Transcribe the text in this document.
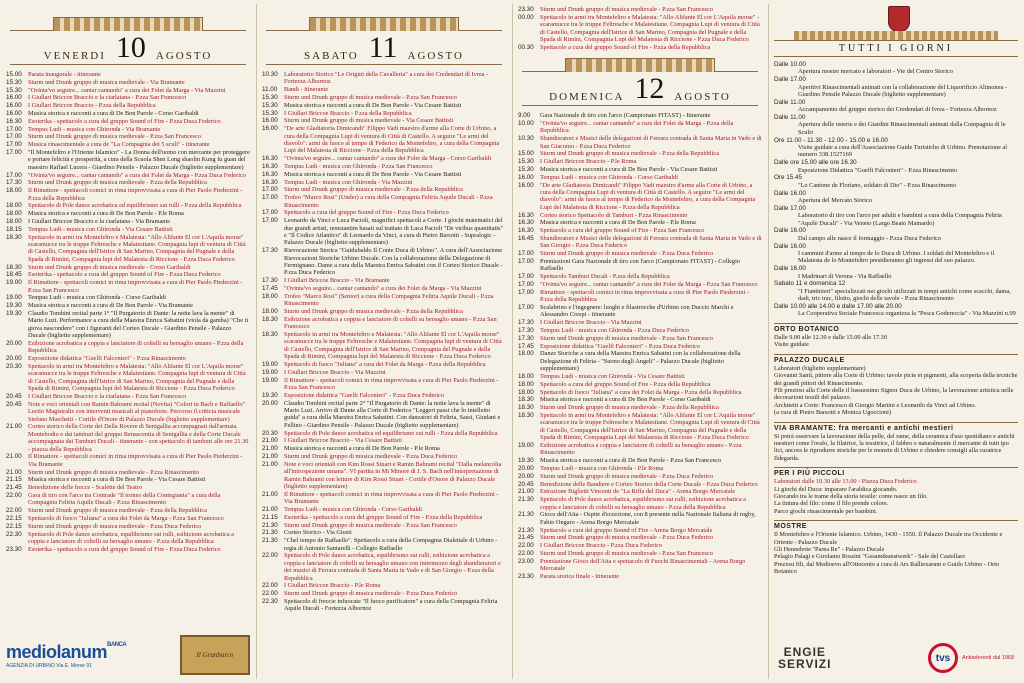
VENERDI 10 AGOSTO
15.00 Parata inaugurale - itinerante
15.30 Sturm und Drunk gruppo di musica medievale - Via Bramante
15.30 "Ovinta'vo seguire... cantar cantando" a cura dei Folet da Marga - Via Mazzini
16.00 I Giullari Briccoe Braccio e la ciarlatana - P.zza San Francesco
16.00 I Giullari Briccoe Braccio - P.zza della Repubblica
16.00 Musica storica e racconti a cura di De Bon Parole - Corso Garibaldi
16.30 Esoterika - spettacolo a cura del gruppo Sound of Fire - P.zza Duca Federico
17.00 Tempus Ludi - musica con Ghironda - Via Bramante
17.00 Sturm und Drunk gruppo di musica medievale - P.zza San Francesco
17.00 Musica rinascimentale a cura de "La Compagnia dei 5 sculi" - itinerante
17.00 "Il Montefeltro e l'Oriente Islamico" - La Donna dell'uomo con mercante per proteggere e portare felicità e prosperità, a cura della Scuola Shen Long shaolin Kung fu guan del maestro Raffael Lucera - Giardino Pensile - Palazzo Ducale (biglietto supplementare)
17.00 "Ovinta'vo seguire... cantar cantando" a cura dei Folet da Marga - P.zza Duca Federico
17.30 Sturm und Drunk gruppo di musica medievale - P.zza della Repubblica
18.00 Il Rimattore - spettacoli comici in rima improvvisata a cura di Pier Paolo Piederzini - P.zza della Repubblica
18.00 Spettacolo di Pole dance acrobatica ed equilibrismo sui rulli - P.zza della Repubblica
18.00 Musica storica e racconti a cura di De Bon Parole - P.le Roma
18.00 I Giullari Briccoe Braccio e la ciarlatana - Via Bramante
18.15 Tempus Ludi - musica con Ghironda - Via Cesare Battisti
18.30 Spettacolo in armi tra Montefeltro e Malatesta: "Allo Alifante El cor L'Aquila morse" scaramucce tra le truppe Feltresche e Malatestiane. Compagnia lupi di ventura di Città di Castello, Compagnia dell'Istrice di San Marino, Compagnia del Pugnale e della Spada di Rimini, Compagnia lupi del Malatesta di Riccione - P.zza Duca Federico
18.30 Sturm und Drunk gruppo di musica medievale - Corso Garibaldi
18.45 Esoterika - spettacolo a cura del gruppo Sound of Fire - P.zza Duca Federico
19.00 Il Rimattore - spettacoli comici in rima improvvisata a cura di Pier Paolo Piederzini - P.zza San Francesco
19.00 Tempus Ludi - musica con Ghironda - Corso Garibaldi
19.30 Musica storica e racconti a cura di De Bon Parole - Via Bramante
19.30 Claudio Tombini recital parte 1° "Il Purgatorio di Dante: la notte lava la mente" di Mario Luzi. Performance a cura della Maestra Enrica Sabatini (viola da gamba) "Che ti giova nascondere" con i figuranti del Corteo Ducale - Giardino Pensile - Palazzo Ducale (biglietto supplementare)
20.00 Esibizione acrobatica a coppia e lanciatore di coltelli su bersaglio umano - P.zza della Repubblica
20.00 Esposizione didattica "Guelfi Falconieri" - P.zza Rinascimento
20.30 Spettacolo in armi tra Montefeltro e Malatesta: "Allo Alifante El cor L'Aquila morse" scaramucce tra le truppe Feltresche e Malatestiane. Compagnia lupi di ventura di Città di Castello, Compagnia dell'Istrice di San Marino, Compagnia del Pugnale e della Spada di Rimini, Compagnia lupi del Malatesta di Riccione - P.zza Duca Federico
20.45 I Giullari Briccoe Braccio e la ciarlatana - P.zza San Francesco
20.45 Note e voci orientali con Ramin Bahrami recital (Novita) "Colori in Bach e Raffaello" Lectio Magistralis con interventi musicali al pianoforte. Percorso il criticia musicale Stefano Marchetti - Cortile d'Onore di Palazzo Ducale (biglietto supplementare)
21.00 Corteo storico della Corte dei Della Rovere di Senigallia accompagnati dall'armata Montebodio e dai tamburi del gruppo Renascentia di Senigallia e della Corte Ducale accompagnata dai Tamburi Ducali - itinerante - con spettacolo di tamburi alle ore 21.30 - piazza della Repubblica
21.00 Il Rimattore - spettacoli comici in rima improvvisata a cura di Pier Paolo Piederzini - Via Bramante
21.00 Sturm und Drunk gruppo di musica medievale - P.zza Rinascimento
21.15 Musica storica e racconti a cura di De Bon Parole - Via Cesare Battisti
21.45 Benedizione delle frecce - Scalette del Teatro
22.00 Gara di tiro con l'arco tra Contrade "Il torneo della Contegiania" a cura della Compagnia Feltria Aquile Ducali - P.zza Rinascimento
22.00 Sturm und Drunk gruppo di musica medievale - P.zza della Repubblica
22.15 Spettacolo di fuoco "Juliana" a cura dei Folet da Marga - P.zza San Francesco
22.15 Sturm und Drunk gruppo di musica medievale - P.zza Duca Federico
22.30 Spettacolo di Pole dance acrobatica, equilibrismo sui rulli, esibizione acrobatica a coppia e lanciatore di coltelli su bersaglio umano - P.zza della Repubblica
23.30 Esoterika - spettacolo a cura del gruppo Sound of Fire - P.zza Duca Federico
mediolanum$^{BANCA}$
AGENZIA DI URBINO Via E. Merse 91
Il Granbarco
SABATO 11 AGOSTO
10.30 Laboratorio Storico "Le Origini della Cavalleria" a cura dei Credendari di Ivrea - Fortezza Albornoz
11.00	Bandi - itinerante
15.30 Sturm und Drunk gruppo di musica medievale - P.zza San Francesco
15.30 Musica storica e racconti a cura di De Bon Parole - Via Cesare Battisti
15.30 I Giullari Briccoe Braccio - P.zza della Repubblica
16.00 Sturm und Drunk gruppo di musica medievale - Via Cesare Battisti
16.00 "De arte Gladiatoria Dimicandi" Filippo Vadi maestro d'arme alla Corte di Urbino, a cura della Compagnia Lupi di ventura di Città di Castello. A seguire "Le armi del diavolo": armi da fuoco al tempo di Federico da Montefeltro, a cura della Compagnia Lupi del Malatesta di Riccione - P.zza della Repubblica
16.30 "Ovinta'vo seguire... cantar cantando" a cura dei Folet da Marga - Corso Garibaldi
16.30 Tempus Ludi - musica con Ghironda - P.zza San Francesco
16.30 Musica storica e racconti a cura di De Bon Parole - Via Cesare Battisti
16.30 Tempus Ludi - musica con Ghironda - Via Mazzini
17.00 Sturm und Drunk gruppo di musica medievale - P.zza della Repubblica
17.00 Trofeo "Marco Rosi" (Under) a cura della Compagnia Feltria Aquile Ducali - P.zza Rinascimento
17.00 Spettacolo a cura del gruppo Sound of Fire - P.zza Duca Federico
17.00 Leonardo da Vinci e Luca Pacioli, magnifici spettacoli a Corte. I giochi matematici del due grandi artisti, nonstantim basati sul trattato di Luca Pacioli "De viribus quantitatis" e "Il Codice Atlantico" di Leonardo da Vinci, a cura di Pietro Barsotti - Supralogic - Palazzo Ducale (biglietto supplementare)
17.30 Rievocazione Storica "Guidubaldo Il Conte Duca di Urbino". A cura dell'Associazione Rievocazioni Storiche Urbino Ducale. Con la collaborazione della Delegazione di Fermignano. Dame a cura della Maestra Enrica Sabatini con il Corteo Storico Ducale - P.zza Duca Federico
17.30 I Giullari Briccoe Braccio - Via Bramante
17.45 "Ovinta'vo seguire... cantar cantando" a cura dei Folet da Marga - Via Mazzini
18.00 Trofeo "Marco Rosi" (Senior) a cura della Compagnia Feltria Aquile Ducali - P.zza Rinascimento
18.00 Sturm und Drunk gruppo di musica medievale - P.zza della Repubblica
18.30 Esibizione acrobatica a coppia e lanciatore di coltelli su bersaglio umano - P.zza San Francesco
18.30 Spettacolo in armi tra Montefeltro e Malatesta: "Allo Alifante El cor L'Aquila morse" scaramucce tra le truppe Feltresche e Malatestiane. Compagnia lupi di ventura di Città di Castello, Compagnia dell'Istrice di San Marino, Compagnia del Pugnale e della Spada di Rimini, Compagnia lupi del Malatesta di Riccione - P.zza Duca Federico
19.00 Spettacolo di fuoco "Juliana" a cura dei Folet da Marga - P.zza della Repubblica
19.00 I Giullari Briccoe Braccio - Via Mazzini
19.00 Il Rimattore - spettacoli comici in rima improvvisata a cura di Pier Paolo Piederzini - P.zza San Francesco
19.30 Esposizione didattica "Guelfi Falconieri" - P.zza Duca Federico
20.00 Claudio Tombini recital parte 2° "Il Purgatorio di Dante: la notte lava la mente" di Mario Luzi. Arrivo di Dante alla Corte di Federico "Leggeri passi che lo intelletto guida" a cura della Maestra Enrica Sabatini. Con danzatori di Feltria, Sassi, Giudani e Fellino - Giardino Pensile - Palazzo Ducale (biglietto supplementare)
20.30 Spettacolo di Pole dance acrobatica ed equilibrismo sui rulli - P.zza della Repubblica
21.00 I Giullari Briccoe Braccio - Via Cesare Battisti
21.00 Musica storica e racconti a cura di De Bon Parole - P.le Roma
21.00 Sturm und Drunk gruppo di musica medievale - P.zza Duca Federico
21.00 Note e voci orientali con Kim Rossi Stuart e Ramin Bahrami recital "Dalla melancolia all'introspezione umana". VI partita in Mi Minore di J. S. Bach nell'interpretazione di Ramin Bahrami con letture di Kim Rossi Stuart - Cortile d'Onore di Palazzo Ducale (biglietto supplementare)
21.00 Il Rimattore - spettacoli comici in rima improvvisata a cura di Pier Paolo Piederzini - Via Bramante
21.00 Tempus Ludi - musica con Ghironda - Corso Garibaldi
21.15 Esoterika - spettacolo a cura del gruppo Sound of Fire - P.zza della Repubblica
21.30 Sturm und Drunk gruppo di musica medievale - P.zza San Francesco
21.30 Corteo Storico - Via Giusti
21.30 "Chel tempo de Raffaello". Spettacolo a cura della Compagnia Dialettale di Urbino - regia di Antonio Santarelli - Collegio Raffaello
22.00 Spettacolo di Pole dance acrobatica, equilibrismo sui rulli, esibizione acrobatica a coppia e lanciatore di coltelli su bersaglio umano con intermezzo degli sbandieratori e dei musici di Ferrara contrada di Santa Maria in Vado e di San Giorgio - P.zza della Repubblica
22.00 I Giullari Briccoe Braccio - P.le Roma
22.00 Sturm und Drunk gruppo di musica medievale - P.zza Duca Federico
22.30 Spettacolo di freccie infuocate "Il fuoco purificatore" a cura della Compagnia Feltria Aquile Ducali - Fortezza Albornoz
23.30 Sturm und Drunk gruppo di musica medievale - P.zza San Francesco
00.00 Spettacolo in armi tra Montefeltro e Malatesta: "Allo Alifante El cor L'Aquila morse" - scaramucce tra le truppe Feltresche e Malatestiane. Compagnia Lupi di ventura di Città di Castello, Compagnia dell'Istrice di San Marino, Compagnia del Pugnale e della Spada di Rimini, Compagnia Lupi del Malatesta di Riccione - P.zza Duca Federico
00.30 Spettacolo a cura del gruppo Sound of Fire - P.zza della Repubblica
DOMENICA 12 AGOSTO
9.00	Gara Nazionale di tiro con l'arco (Campionato FITAST) - Itinerante
10.00 "Ovinta'vo seguire... cantar cantando" a cura dei Folet da Marga - P.zza della Repubblica
10.30 Sbandieratori e Musici delle delegazioni di Ferrara contrada di Santa Maria in Vado e di San Giacomo - P.zza Duca Federico
15.00 Sturm und Drunk gruppo di musica medievale - P.zza della Repubblica
15.30 I Giullari Briccoe Braccio - P.le Roma
15.30 Musica storica e racconti a cura di De Bon Parole - Via Cesare Battisti
16.00 Tempus Ludi - musica con Ghironda - Corso Garibaldi
16.00 "De arte Gladiatoria Dimicandi" Filippo Vadi maestro d'arme alla Corte di Urbino, a cura della Compagnia Lupi di ventura di Città di Castello. A seguire "Le armi del diavolo": armi da fuoco al tempo di Federico da Montefeltro, a cura della Compagnia Lupi del Malatesta di Riccione - P.zza della Repubblica
16.30 Corteo storico Spettacolo di Tamburi - P.zza Rinascimento
16.30 Musica storica e racconti a cura di De Bon Parole - P.le Roma
16.30 Spettacolo a cura del gruppo Sound of Fire - P.zza San Francesco
16.45 Sbandieratori e Musici delle delegazioni di Ferrara contrada di Santa Maria in Vado e di San Giorgio - P.zza Duca Federico
17.00 Sturm und Drunk gruppo di musica medievale - P.zza Duca Federico
17.00 Premiazioni Gara Nazionale di tiro con l'arco (Campionato FITAST) - Collegio Raffaello
17.00 Spettacolo Tamburi Ducali - P.zza della Repubblica
17.00 "Ovinta'vo seguire... cantar cantando" a cura dei Folet da Marga - P.zza San Francesco
17.00 Rimattore - spettacoli comici in rima improvvisata a cura di Pier Paolo Piederzini - P.zza della Repubblica
17.00 Scalabrino e l'ingegnere: luoghi e filastrocche d'Urbino con Duccio Marchi e Alessandro Crespi - itinerante
17.30 I Giullari Briccoe Braccio - Via Mazzini
17.30 Tempus Ludi - musica con Ghironda - P.zza Duca Federico
17.30 Sturm und Drunk gruppo di musica medievale - P.zza San Francesco
17.45 Esposizione didattica "Guelfi Falconieri" - P.zza Duca Federico
18.00 Danze Storiche a cura della Maestra Enrica Sabatini con la collaborazione della Delegazione di Feltria - "Suono degli Angeli" - Palazzo Ducale (biglietto supplementare)
18.00 Tempus Ludi - musica con Ghironda - Via Cesare Battisti
18.00 Spettacolo a cura del gruppo Sound of Fire - P.zza della Repubblica
18.00 Spettacolo di fuoco "Juliana" a cura dei Folet da Marga - P.zza della Repubblica
18.30 Musica storica e racconti a cura di De Bon Parole - Corso Garibaldi
18.30 Sturm und Drunk gruppo di musica medievale - P.zza della Repubblica
18.30 Spettacolo in armi tra Montefeltro e Malatesta: "Allo Alifante El cor L'Aquila morse" scaramucce tra le truppe Feltresche e Malatestiane. Compagnia Lupi di ventura di Città di Castello, Compagnia dell'Istrice di San Marino, Compagnia del Pugnale e della Spada di Rimini, Compagnia Lupi del Malatesta di Riccione - P.zza Duca Federico
19.00 Esibizione acrobatica a coppia e lanciatore di coltelli su bersaglio umano - P.zza Rinascimento
19.30 Musica storica e racconti a cura di De Bon Parole - P.zza San Francesco
20.00 Tempus Ludi - musica con Ghironda - P.le Roma
20.00 Sturm und Drunk gruppo di musica medievale - P.zza Duca Federico
20.45 Benedizione delle Bandiere e Corteo Storico della Corte Ducale - P.zza Duca Federico
21.00 Estrazione Biglietti Vincenti de "La Riffa del Duca" - Arena Borgo Mercatale
21.30 Spettacolo di Pole dance acrobatica, equilibrismo sui rulli, esibizione acrobatica a coppia e lanciatore di coltelli su bersaglio umano - P.zza della Repubblica
21.30 Gioco dell'Aita - Ospite d'eccezione, con 8 presente nella Nazionale Italiana di rugby, Fabio Ongaro - Arena Borgo Mercatale
21.30 Spettacolo a cura del gruppo Sound of Fire - Arena Borgo Mercatale
21.45 Sturm und Drunk gruppo di musica medievale - P.zza Duca Federico
22.00 I Giullari Briccoe Braccio - P.zza Duca Federico
22.00 Sturm und Drunk gruppo di musica medievale - P.zza San Francesco
23.00 Premiazione Gioco dell'Aita e spettacolo di Fuochi Rinascimentali - Arena Borgo Mercatale
23.30 Parata storica finale - itinerante
TUTTI I GIORNI
Dalle 10.00
Apertura mostre mercato e laboratori - Vie del Centro Storico
Dalle 17.00
Aperitivi Rinascimentali animati con la collaborazione del Liquorificio Alimonea - Giardino Pensile Palazzo Ducale (biglietto supplementare)
Dalle 11.00
Accampamento del gruppo storico dei Credendari di Ivrea - Fortezza Albornoz
Dalle 11.00
Apertura delle osterie e dei Giardini Rinascimentali animati dalla Compagnia di le Sculri
Ore 11.00 - 11.30 - 12.00 - 15.00 e 16.00
Visite guidate a cura dell'Associazione Guide Turistiche di Urbino. Prenotazione al numero 338.1527169
Dalle ore 15.00 alle ore 16.30
Esposizione Didattica "Guelfi Falconieri" - P.zza Rinascimento
Ore 15.45
"Lo Cantone de Floriano, soldato di Dio" - P.zza Rinascimento
Dalle 16.00
Apertura del Mercato Storico
Dalle 17.00
Laboratorio di tiro con l'arco per adulti e bambini a cura della Compagnia Feltria "Aquile Ducali" - Via Veneto (Largo Beato Mainardo)
Dalle 16.00
Dal campo alle nasce il formaggio - P.zza Duca Federico
Dalle 16.00
I cammini d'arme al tempo de lo Duca di Urbino. I soldati del Montefeltro e il Malatesta de lo Montefeltro presidieranno gli ingressi del suo palazzo.
Dalle 16.00
I Madrinari di Verona - Via Raffaello
Sabato 11 e domenica 12
"I Fiantinieri" specializzati nei giochi utilizzati in tempi antichi come scacchi, dama, dadi, tric trac, filotto, giochi delle tavole - P.zza Rinascimento
Dalle 10.00 alle 14.00 e dalle 17.00 alle 20.00
La Cooperativa Sociale Francesca organizza la "Pesca Godereccia" - Via Mazzini n.99
ORTO BOTANICO

Dalle 9.00 alle 12.30 e dalle 15.00 alle 17.30

Visite guidate

PALAZZO DUCALE

Laboratori (biglietto supplementare)

Giovanni Santi, pittore alla Corte di Urbino: tavole picte et pigmenti, alla scoperta della tecniche dei grandi pittori del Rinascimento.

Fili preziosi alla Corte delle il lussuosimo Signor Duca de Urbino, la lavorazione artistica nelle decorazioni tessili del palazzo.

Architetti a Corte: Francesco di Giorgio Martini e Leonardo da Vinci ad Urbino.

(a cura di Pietro Barsotti e Monica Ugoccioni)

VIA BRAMANTE: fra mercanti e antichi mestieri

Si potrà osservare la lavorazione della pelle, del rame, della ceramica d'uso quotidiano e antichi mestieri come l'orafo, la filatrice, la tessitrice, il fabbro e naturalmente il mercante di tutti ipo lici, ancora le riprodurre storiche per le monete di Urbino e chiedere consigli alla curatrice Ildegarda.

PER I PIÙ PICCOLI

Laboratori dalle 10.30 alle 13.00 - Piazza Duca Federico

Li giochi del Duca: imparare l'araldica giocando.

Giocando tra le trame della storia tessile: come nasce un filo.

La tintura del filo: come il filo prende colore.

Parco giochi rinascimentale per bambini.

MOSTRE

Il Montefeltro e l'Oriente Islamico. Urbino, 1430 - 1550. Il Palazzo Ducale tra Occidente e Oriente - Palazzo Ducale

Gli Hennebote "Parea Re" - Palazzo Ducale

Pelagio Palagi e Girolamo Rossini "Gesamtkunstwerk" - Sale del Castellare

Preziosi fili, dal Medioevo all'Ottocento a cura di Ars Ralliexarum e Guido Urbino - Orto Botanico

ENGIE
SERVIZI	tvs	Antiaderenti dal 1968
